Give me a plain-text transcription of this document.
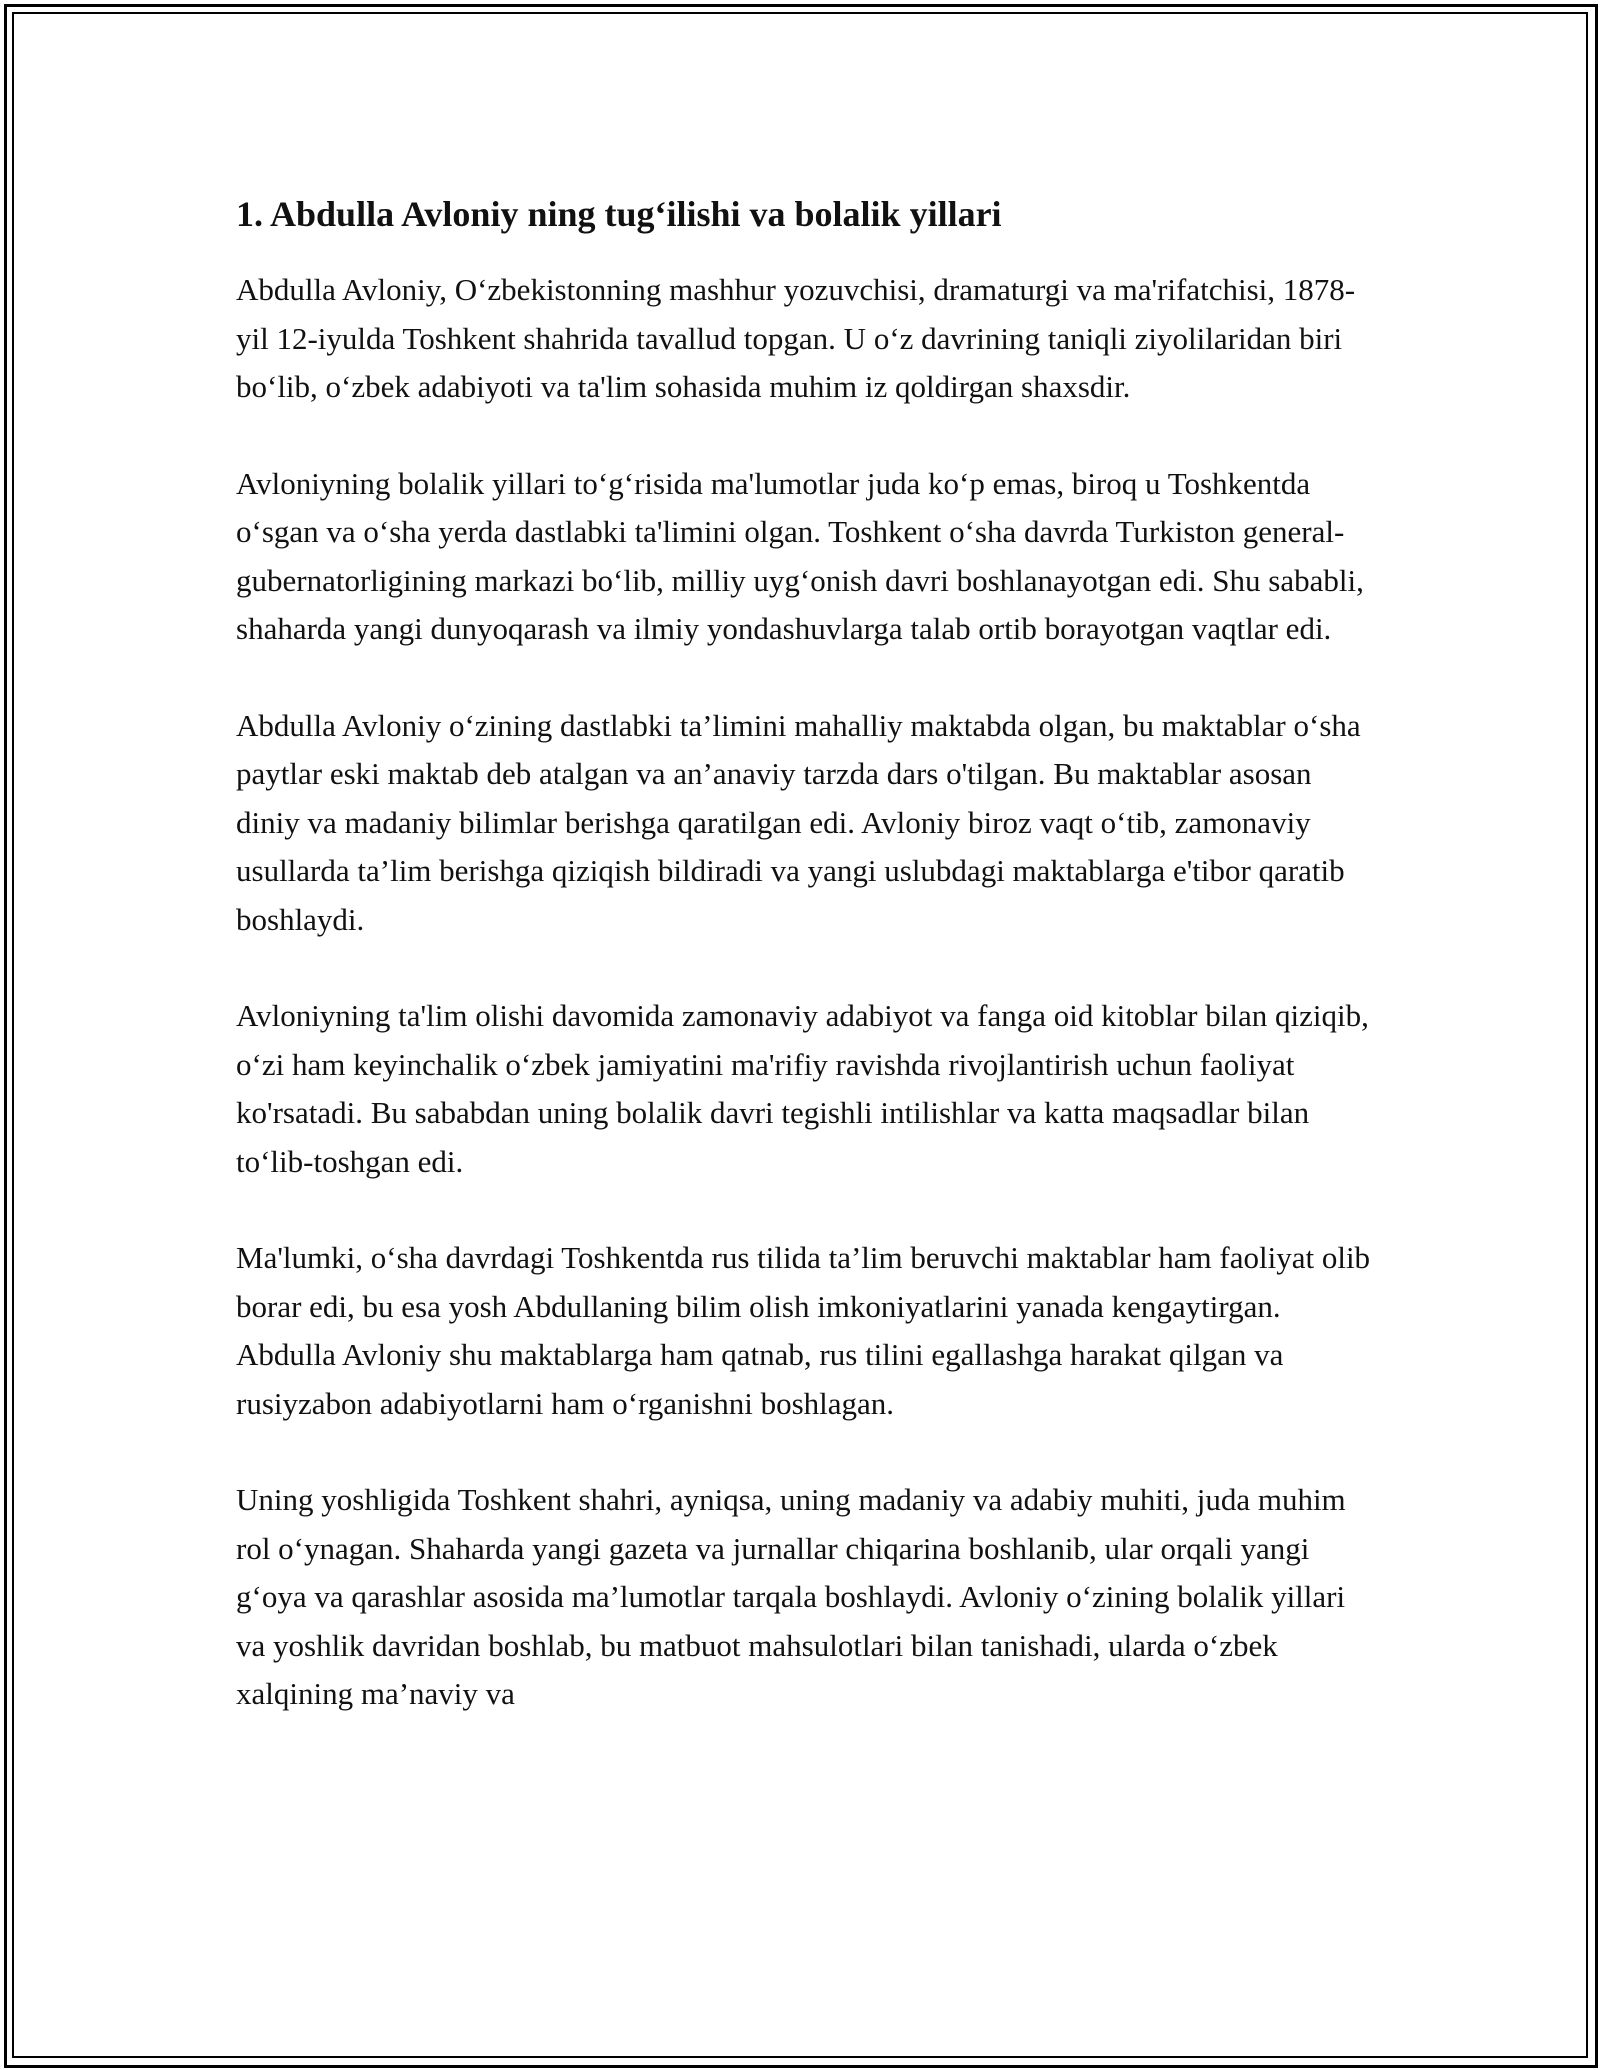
1. Abdulla Avloniy ning tug‘ilishi va bolalik yillari

Abdulla Avloniy, O‘zbekistonning mashhur yozuvchisi, dramaturgi va ma'rifatchisi, 1878-yil 12-iyulda Toshkent shahrida tavallud topgan. U o‘z davrining taniqli ziyolilaridan biri bo‘lib, o‘zbek adabiyoti va ta'lim sohasida muhim iz qoldirgan shaxsdir.

Avloniyning bolalik yillari to‘g‘risida ma'lumotlar juda ko‘p emas, biroq u Toshkentda o‘sgan va o‘sha yerda dastlabki ta'limini olgan. Toshkent o‘sha davrda Turkiston general-gubernatorligining markazi bo‘lib, milliy uyg‘onish davri boshlanayotgan edi. Shu sababli, shaharda yangi dunyoqarash va ilmiy yondashuvlarga talab ortib borayotgan vaqtlar edi.

Abdulla Avloniy o‘zining dastlabki ta’limini mahalliy maktabda olgan, bu maktablar o‘sha paytlar eski maktab deb atalgan va an’anaviy tarzda dars o'tilgan. Bu maktablar asosan diniy va madaniy bilimlar berishga qaratilgan edi. Avloniy biroz vaqt o‘tib, zamonaviy usullarda ta’lim berishga qiziqish bildiradi va yangi uslubdagi maktablarga e'tibor qaratib boshlaydi.

Avloniyning ta'lim olishi davomida zamonaviy adabiyot va fanga oid kitoblar bilan qiziqib, o‘zi ham keyinchalik o‘zbek jamiyatini ma'rifiy ravishda rivojlantirish uchun faoliyat ko'rsatadi. Bu sababdan uning bolalik davri tegishli intilishlar va katta maqsadlar bilan to‘lib-toshgan edi.

Ma'lumki, o‘sha davrdagi Toshkentda rus tilida ta’lim beruvchi maktablar ham faoliyat olib borar edi, bu esa yosh Abdullaning bilim olish imkoniyatlarini yanada kengaytirgan. Abdulla Avloniy shu maktablarga ham qatnab, rus tilini egallashga harakat qilgan va rusiyzabon adabiyotlarni ham o‘rganishni boshlagan.

Uning yoshligida Toshkent shahri, ayniqsa, uning madaniy va adabiy muhiti, juda muhim rol o‘ynagan. Shaharda yangi gazeta va jurnallar chiqarina boshlanib, ular orqali yangi g‘oya va qarashlar asosida ma’lumotlar tarqala boshlaydi. Avloniy o‘zining bolalik yillari va yoshlik davridan boshlab, bu matbuot mahsulotlari bilan tanishadi, ularda o‘zbek xalqining ma’naviy va
